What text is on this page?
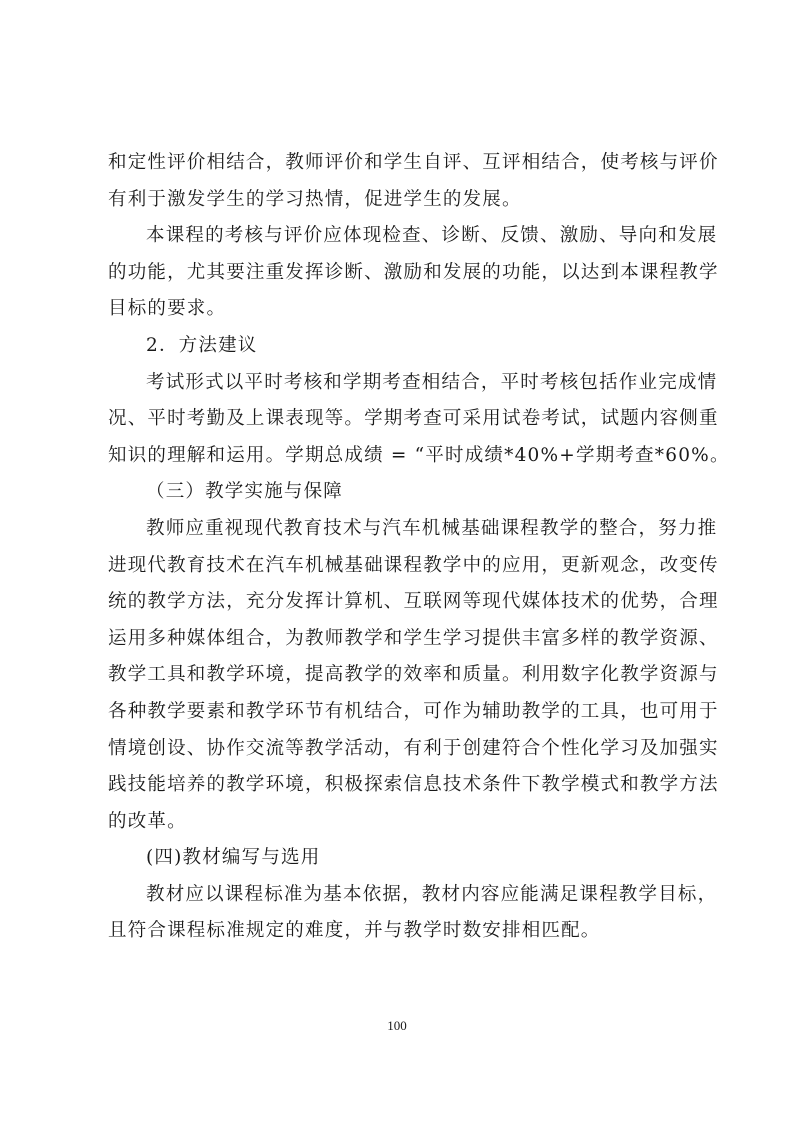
和定性评价相结合，教师评价和学生自评、互评相结合，使考核与评价
有利于激发学生的学习热情，促进学生的发展。
本课程的考核与评价应体现检查、诊断、反馈、激励、导向和发展
的功能，尤其要注重发挥诊断、激励和发展的功能，以达到本课程教学
目标的要求。
2．方法建议
考试形式以平时考核和学期考查相结合，平时考核包括作业完成情
况、平时考勤及上课表现等。学期考查可采用试卷考试，试题内容侧重
知识的理解和运用。学期总成绩 = “平时成绩*40%+学期考查*60%。
（三）教学实施与保障
教师应重视现代教育技术与汽车机械基础课程教学的整合，努力推
进现代教育技术在汽车机械基础课程教学中的应用，更新观念，改变传
统的教学方法，充分发挥计算机、互联网等现代媒体技术的优势，合理
运用多种媒体组合，为教师教学和学生学习提供丰富多样的教学资源、
教学工具和教学环境，提高教学的效率和质量。利用数字化教学资源与
各种教学要素和教学环节有机结合，可作为辅助教学的工具，也可用于
情境创设、协作交流等教学活动，有利于创建符合个性化学习及加强实
践技能培养的教学环境，积极探索信息技术条件下教学模式和教学方法
的改革。
(四)教材编写与选用
教材应以课程标准为基本依据，教材内容应能满足课程教学目标，
且符合课程标准规定的难度，并与教学时数安排相匹配。
100
